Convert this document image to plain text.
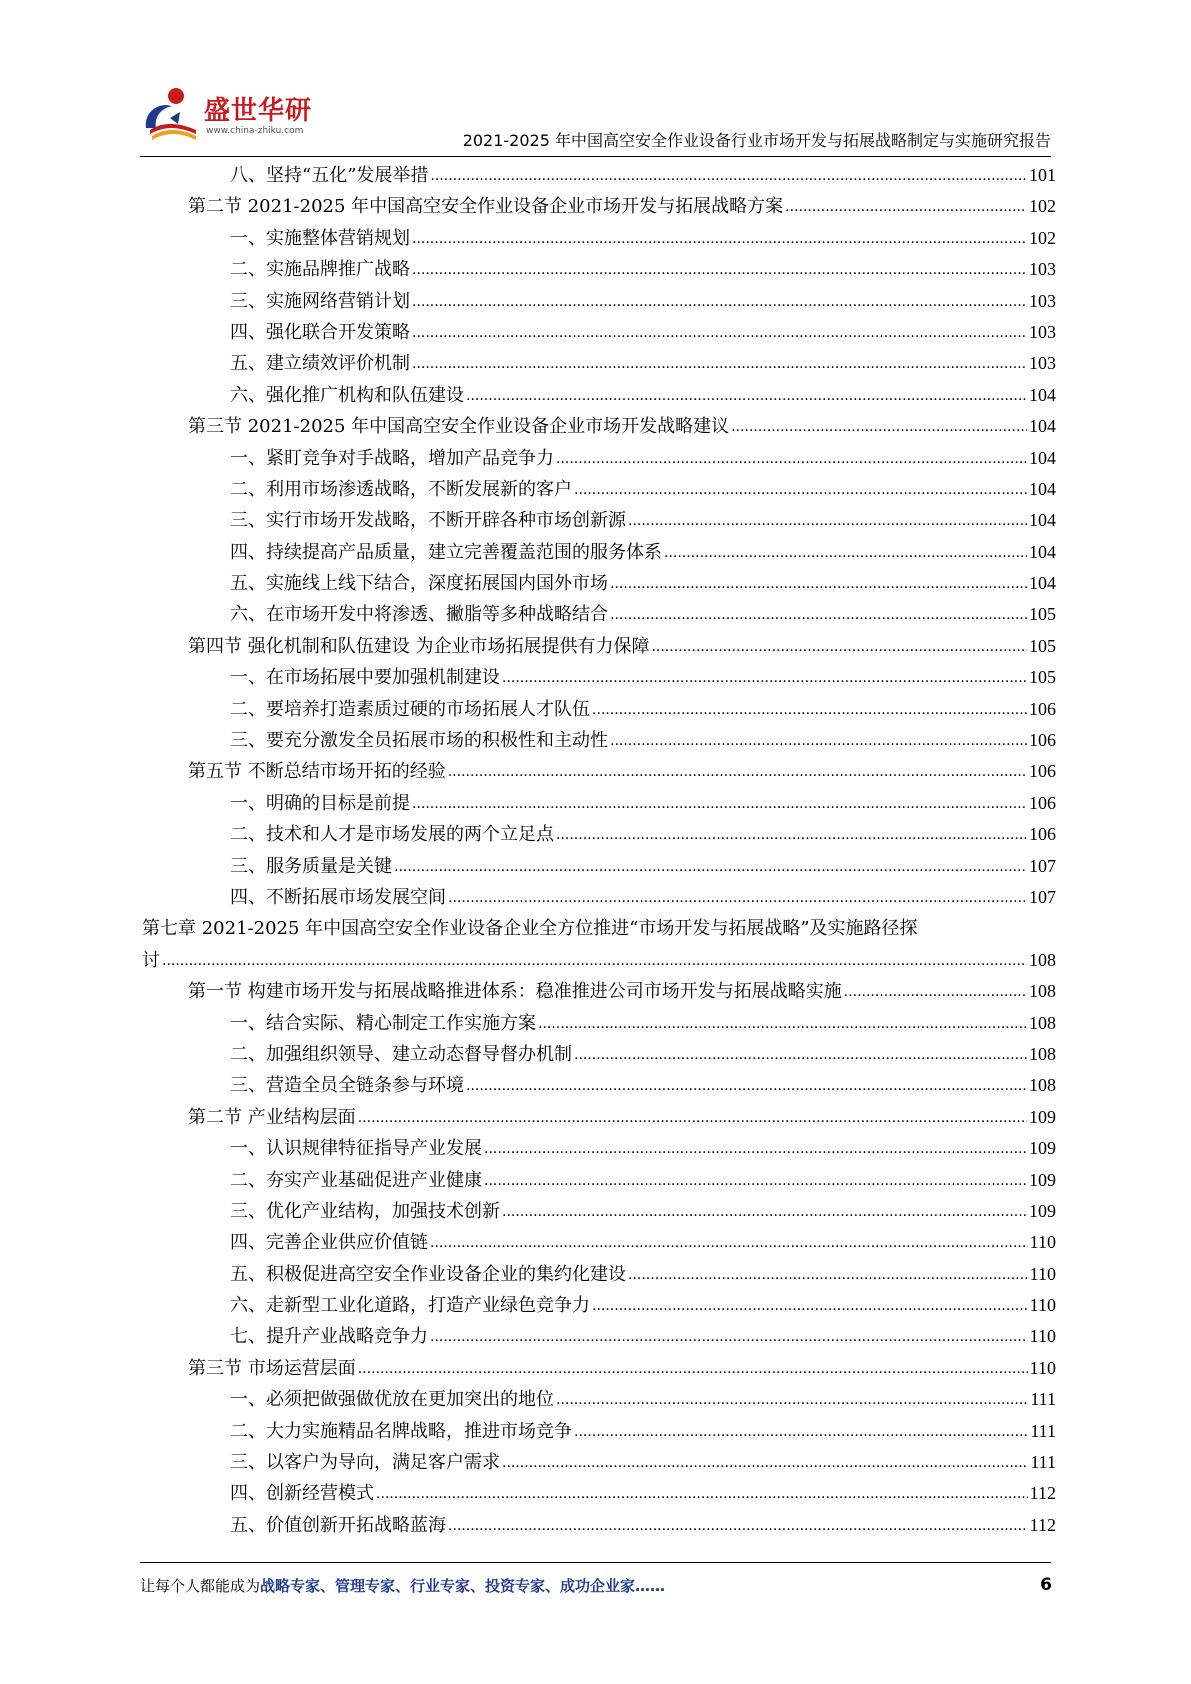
盛世华研
www.china-zhiku.com	2021-2025 年中国高空安全作业设备行业市场开发与拓展战略制定与实施研究报告
八、坚持“五化”发展举措 .....	101
第二节 2021-2025 年中国高空安全作业设备企业市场开发与拓展战略方案 .....	102
一、实施整体营销规划 .....	102
二、实施品牌推广战略 .....	103
三、实施网络营销计划 .....	103
四、强化联合开发策略 .....	103
五、建立绩效评价机制 .....	103
六、强化推广机构和队伍建设 .....	104
第三节 2021-2025 年中国高空安全作业设备企业市场开发战略建议 .....	104
一、紧盯竞争对手战略，增加产品竞争力 .....	104
二、利用市场渗透战略，不断发展新的客户 .....	104
三、实行市场开发战略，不断开辟各种市场创新源 .....	104
四、持续提高产品质量，建立完善覆盖范围的服务体系 .....	104
五、实施线上线下结合，深度拓展国内国外市场 .....	104
六、在市场开发中将渗透、撇脂等多种战略结合 .....	105
第四节 强化机制和队伍建设 为企业市场拓展提供有力保障 .....	105
一、在市场拓展中要加强机制建设 .....	105
二、要培养打造素质过硬的市场拓展人才队伍 .....	106
三、要充分激发全员拓展市场的积极性和主动性 .....	106
第五节 不断总结市场开拓的经验 .....	106
一、明确的目标是前提 .....	106
二、技术和人才是市场发展的两个立足点 .....	106
三、服务质量是关键 .....	107
四、不断拓展市场发展空间 .....	107
第七章 2021-2025 年中国高空安全作业设备企业全方位推进“市场开发与拓展战略”及实施路径探
讨 .....	108
第一节 构建市场开发与拓展战略推进体系：稳准推进公司市场开发与拓展战略实施 .....	108
一、结合实际、精心制定工作实施方案 .....	108
二、加强组织领导、建立动态督导督办机制 .....	108
三、营造全员全链条参与环境 .....	108
第二节 产业结构层面 .....	109
一、认识规律特征指导产业发展 .....	109
二、夯实产业基础促进产业健康 .....	109
三、优化产业结构，加强技术创新 .....	109
四、完善企业供应价值链 .....	110
五、积极促进高空安全作业设备企业的集约化建设 .....	110
六、走新型工业化道路，打造产业绿色竞争力 .....	110
七、提升产业战略竞争力 .....	110
第三节 市场运营层面 .....	110
一、必须把做强做优放在更加突出的地位 .....	111
二、大力实施精品名牌战略，推进市场竞争 .....	111
三、以客户为导向，满足客户需求 .....	111
四、创新经营模式 .....	112
五、价值创新开拓战略蓝海 .....	112
让每个人都能成为战略专家、管理专家、行业专家、投资专家、成功企业家……	6
